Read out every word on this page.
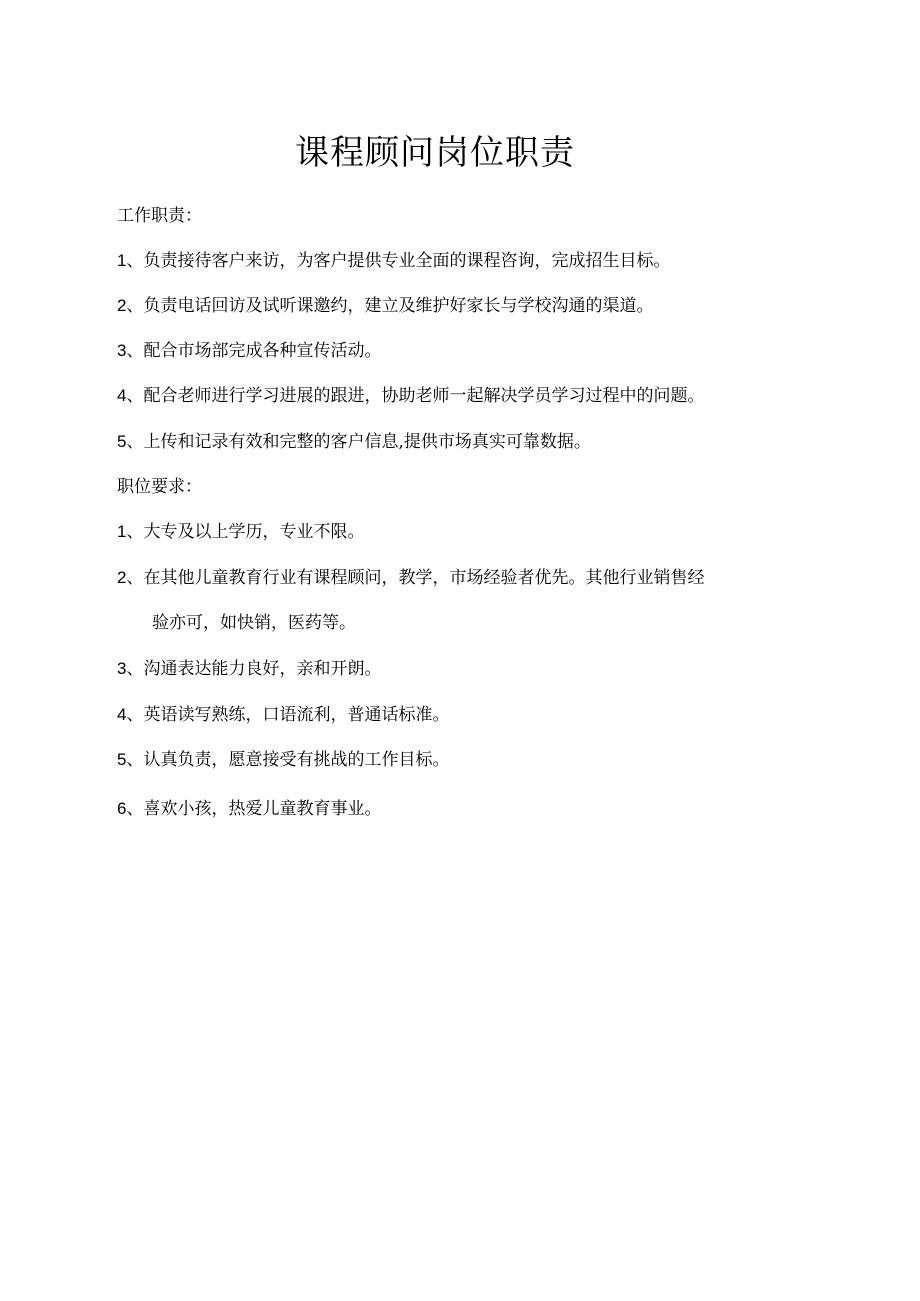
课程顾问岗位职责
工作职责：
1、负责接待客户来访，为客户提供专业全面的课程咨询，完成招生目标。
2、负责电话回访及试听课邀约，建立及维护好家长与学校沟通的渠道。
3、配合市场部完成各种宣传活动。
4、配合老师进行学习进展的跟进，协助老师一起解决学员学习过程中的问题。
5、上传和记录有效和完整的客户信息,提供市场真实可靠数据。
职位要求：
1、大专及以上学历，专业不限。
2、在其他儿童教育行业有课程顾问，教学，市场经验者优先。其他行业销售经
验亦可，如快销，医药等。
3、沟通表达能力良好，亲和开朗。
4、英语读写熟练，口语流利，普通话标准。
5、认真负责，愿意接受有挑战的工作目标。
6、喜欢小孩，热爱儿童教育事业。
